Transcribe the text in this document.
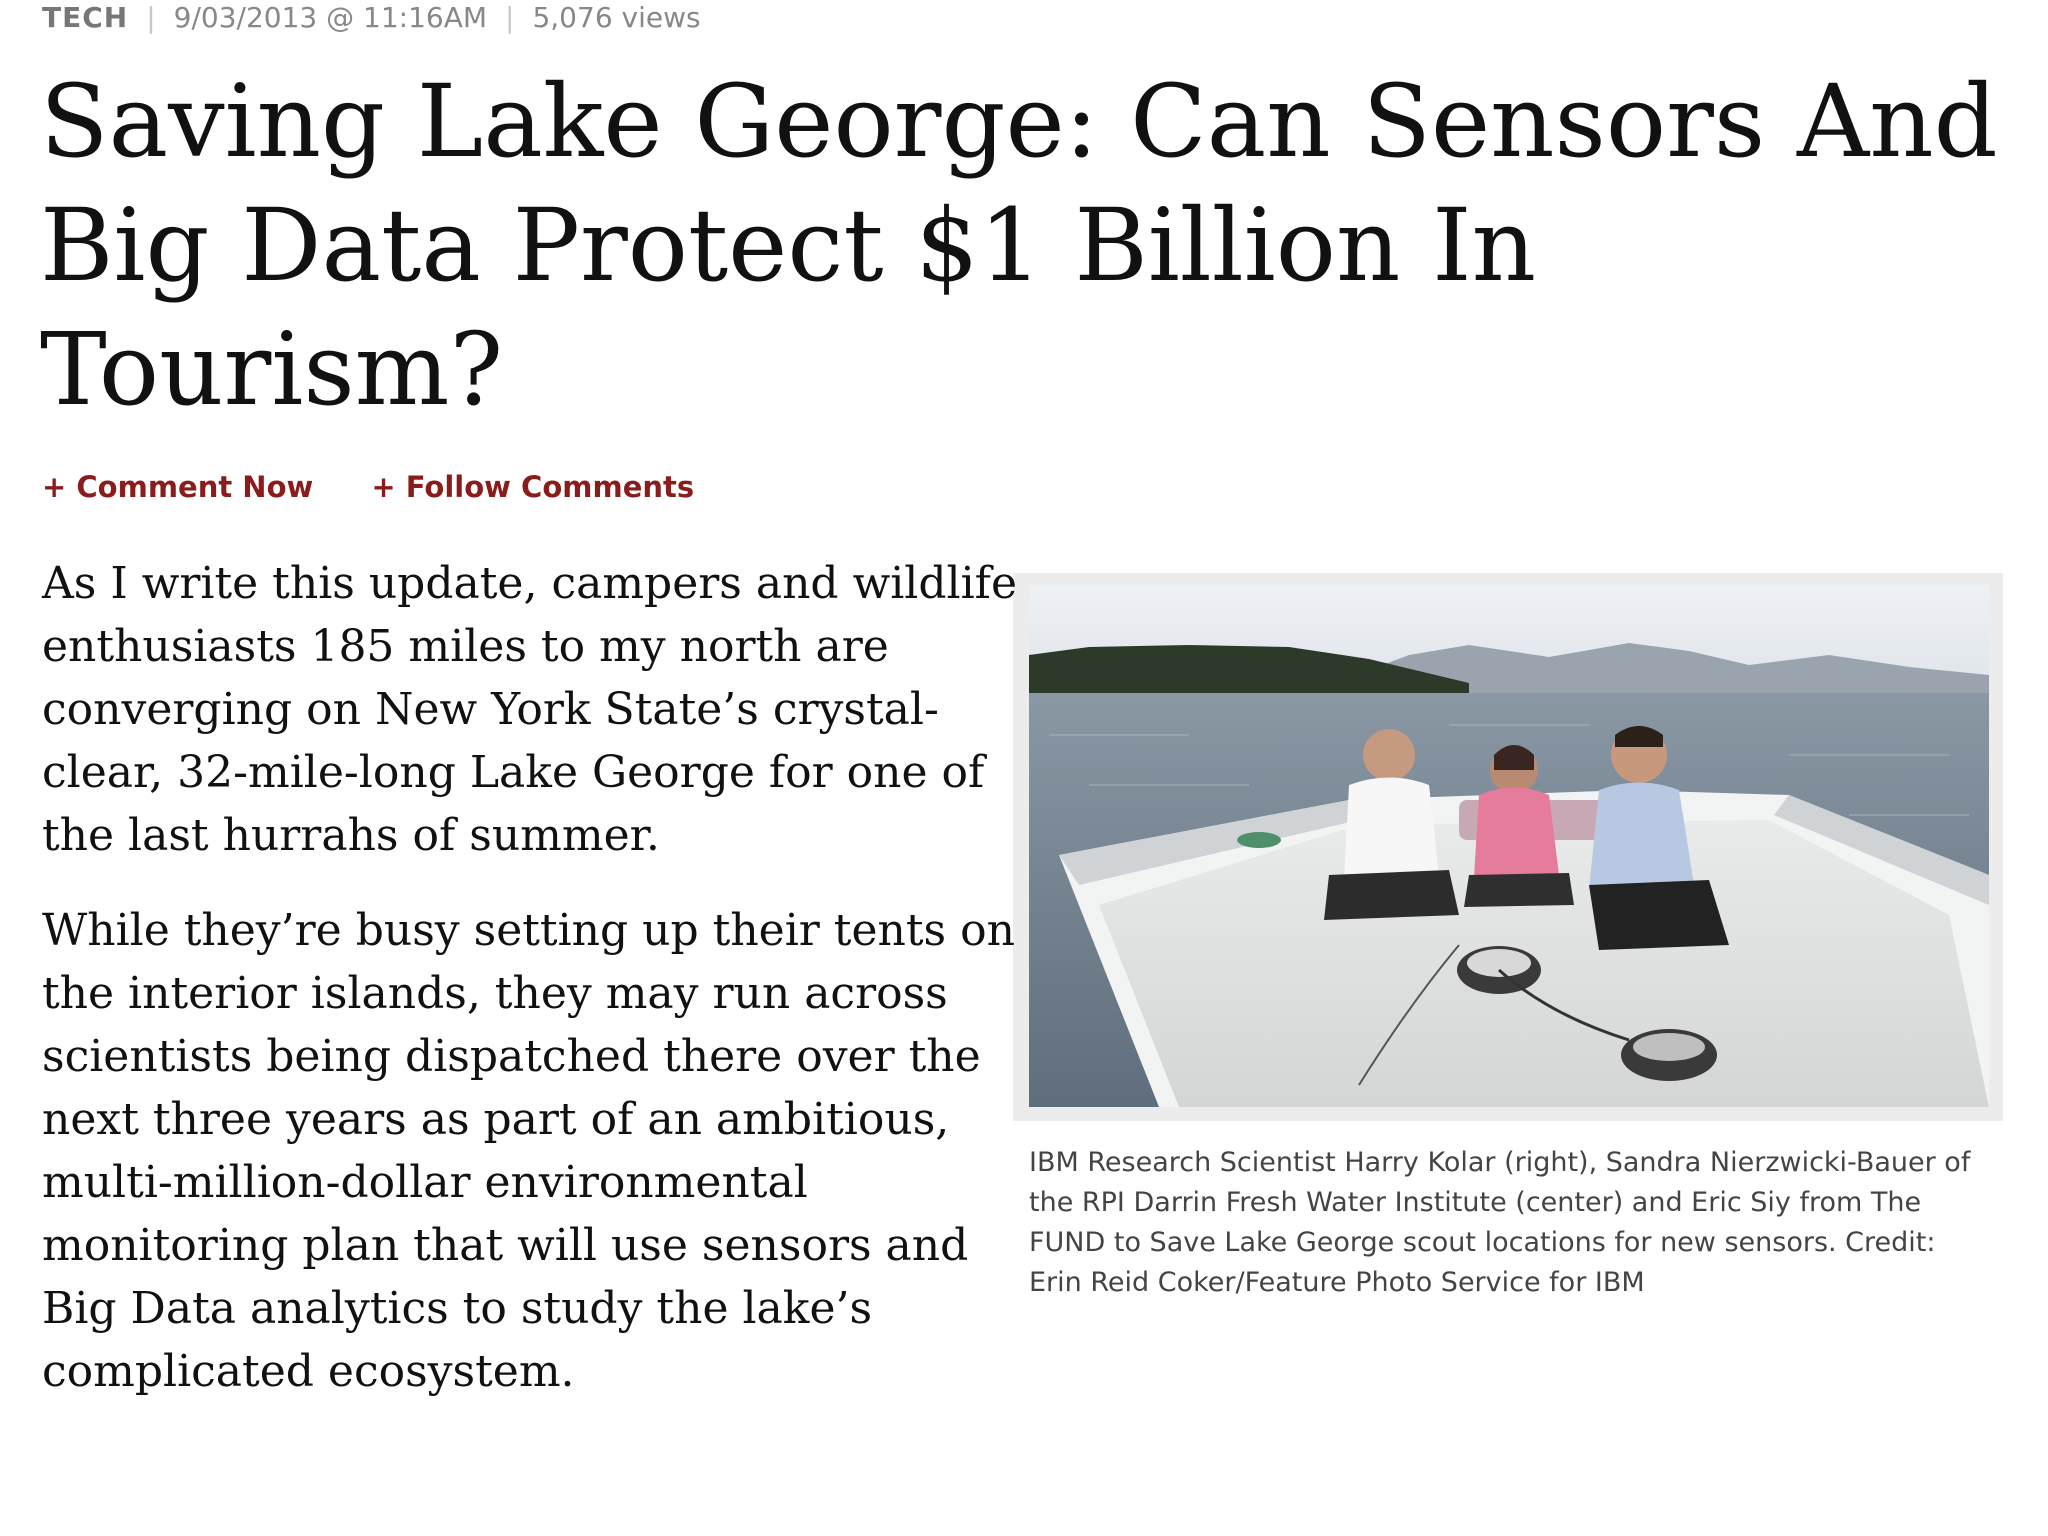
TECH | 9/03/2013 @ 11:16AM | 5,076 views
Saving Lake George: Can Sensors And Big Data Protect $1 Billion In Tourism?
+ Comment Now + Follow Comments
IBM Research Scientist Harry Kolar (right), Sandra Nierzwicki-Bauer of the RPI Darrin Fresh Water Institute (center) and Eric Siy from The FUND to Save Lake George scout locations for new sensors. Credit: Erin Reid Coker/Feature Photo Service for IBM

As I write this update, campers and wildlife enthusiasts 185 miles to my north are converging on New York State’s crystal-clear, 32-mile-long Lake George for one of the last hurrahs of summer.

While they’re busy setting up their tents on the interior islands, they may run across scientists being dispatched there over the next three years as part of an ambitious, multi-million-dollar environmental monitoring plan that will use sensors and Big Data analytics to study the lake’s complicated ecosystem.
